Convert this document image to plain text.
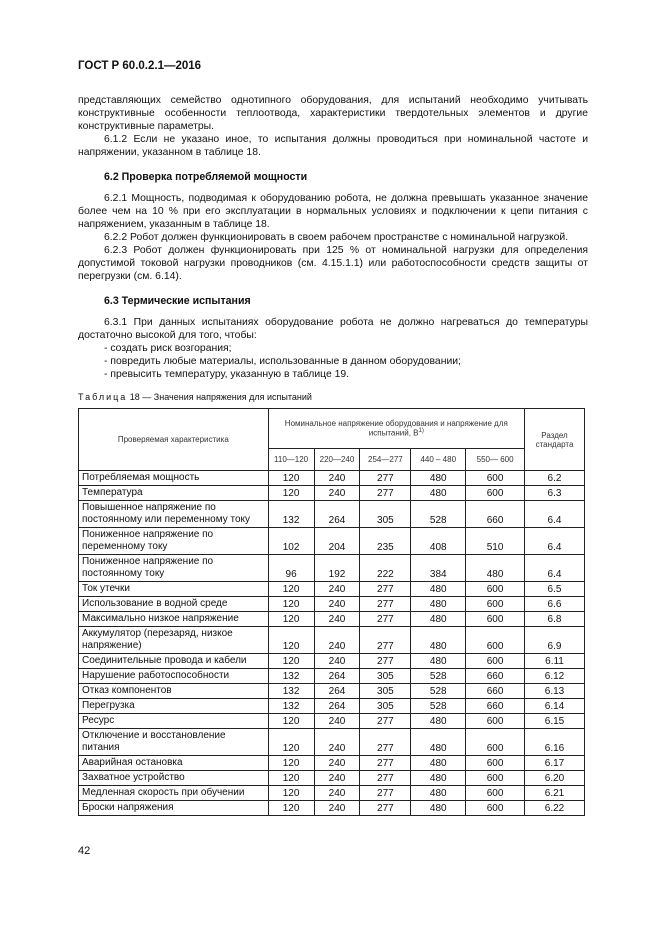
ГОСТ Р 60.0.2.1—2016

представляющих семейство однотипного оборудования, для испытаний необходимо учитывать конструктивные особенности теплоотвода, характеристики твердотельных элементов и другие конструктивные параметры.

6.1.2 Если не указано иное, то испытания должны проводиться при номинальной частоте и напряжении, указанном в таблице 18.

6.2 Проверка потребляемой мощности

6.2.1 Мощность, подводимая к оборудованию робота, не должна превышать указанное значение более чем на 10 % при его эксплуатации в нормальных условиях и подключении к цепи питания с напряжением, указанным в таблице 18.

6.2.2 Робот должен функционировать в своем рабочем пространстве с номинальной нагрузкой.

6.2.3 Робот должен функционировать при 125 % от номинальной нагрузки для определения допустимой токовой нагрузки проводников (см. 4.15.1.1) или работоспособности средств защиты от перегрузки (см. 6.14).

6.3 Термические испытания

6.3.1 При данных испытаниях оборудование робота не должно нагреваться до температуры достаточно высокой для того, чтобы:

- создать риск возгорания;

- повредить любые материалы, использованные в данном оборудовании;

- превысить температуру, указанную в таблице 19.

Таблица 18 — Значения напряжения для испытаний

Проверяемая характеристика	Номинальное напряжение оборудования и напряжение для испытаний, $В^{1)}$					Раздел стандарта
	110—120	220—240	254—277	440 – 480	550— 600	
Потребляемая мощность	120	240	277	480	600	6.2
Температура	120	240	277	480	600	6.3
Повышенное напряжение по постоянному или переменному току	132	264	305	528	660	6.4
Пониженное напряжение по переменному току	102	204	235	408	510	6.4
Пониженное напряжение по постоянному току	96	192	222	384	480	6.4
Ток утечки	120	240	277	480	600	6.5
Использование в водной среде	120	240	277	480	600	6.6
Максимально низкое напряжение	120	240	277	480	600	6.8
Аккумулятор (перезаряд, низкое напряжение)	120	240	277	480	600	6.9
Соединительные провода и кабели	120	240	277	480	600	6.11
Нарушение работоспособности	132	264	305	528	660	6.12
Отказ компонентов	132	264	305	528	660	6.13
Перегрузка	132	264	305	528	660	6.14
Ресурс	120	240	277	480	600	6.15
Отключение и восстановление питания	120	240	277	480	600	6.16
Аварийная остановка	120	240	277	480	600	6.17
Захватное устройство	120	240	277	480	600	6.20
Медленная скорость при обучении	120	240	277	480	600	6.21
Броски напряжения	120	240	277	480	600	6.22
42
